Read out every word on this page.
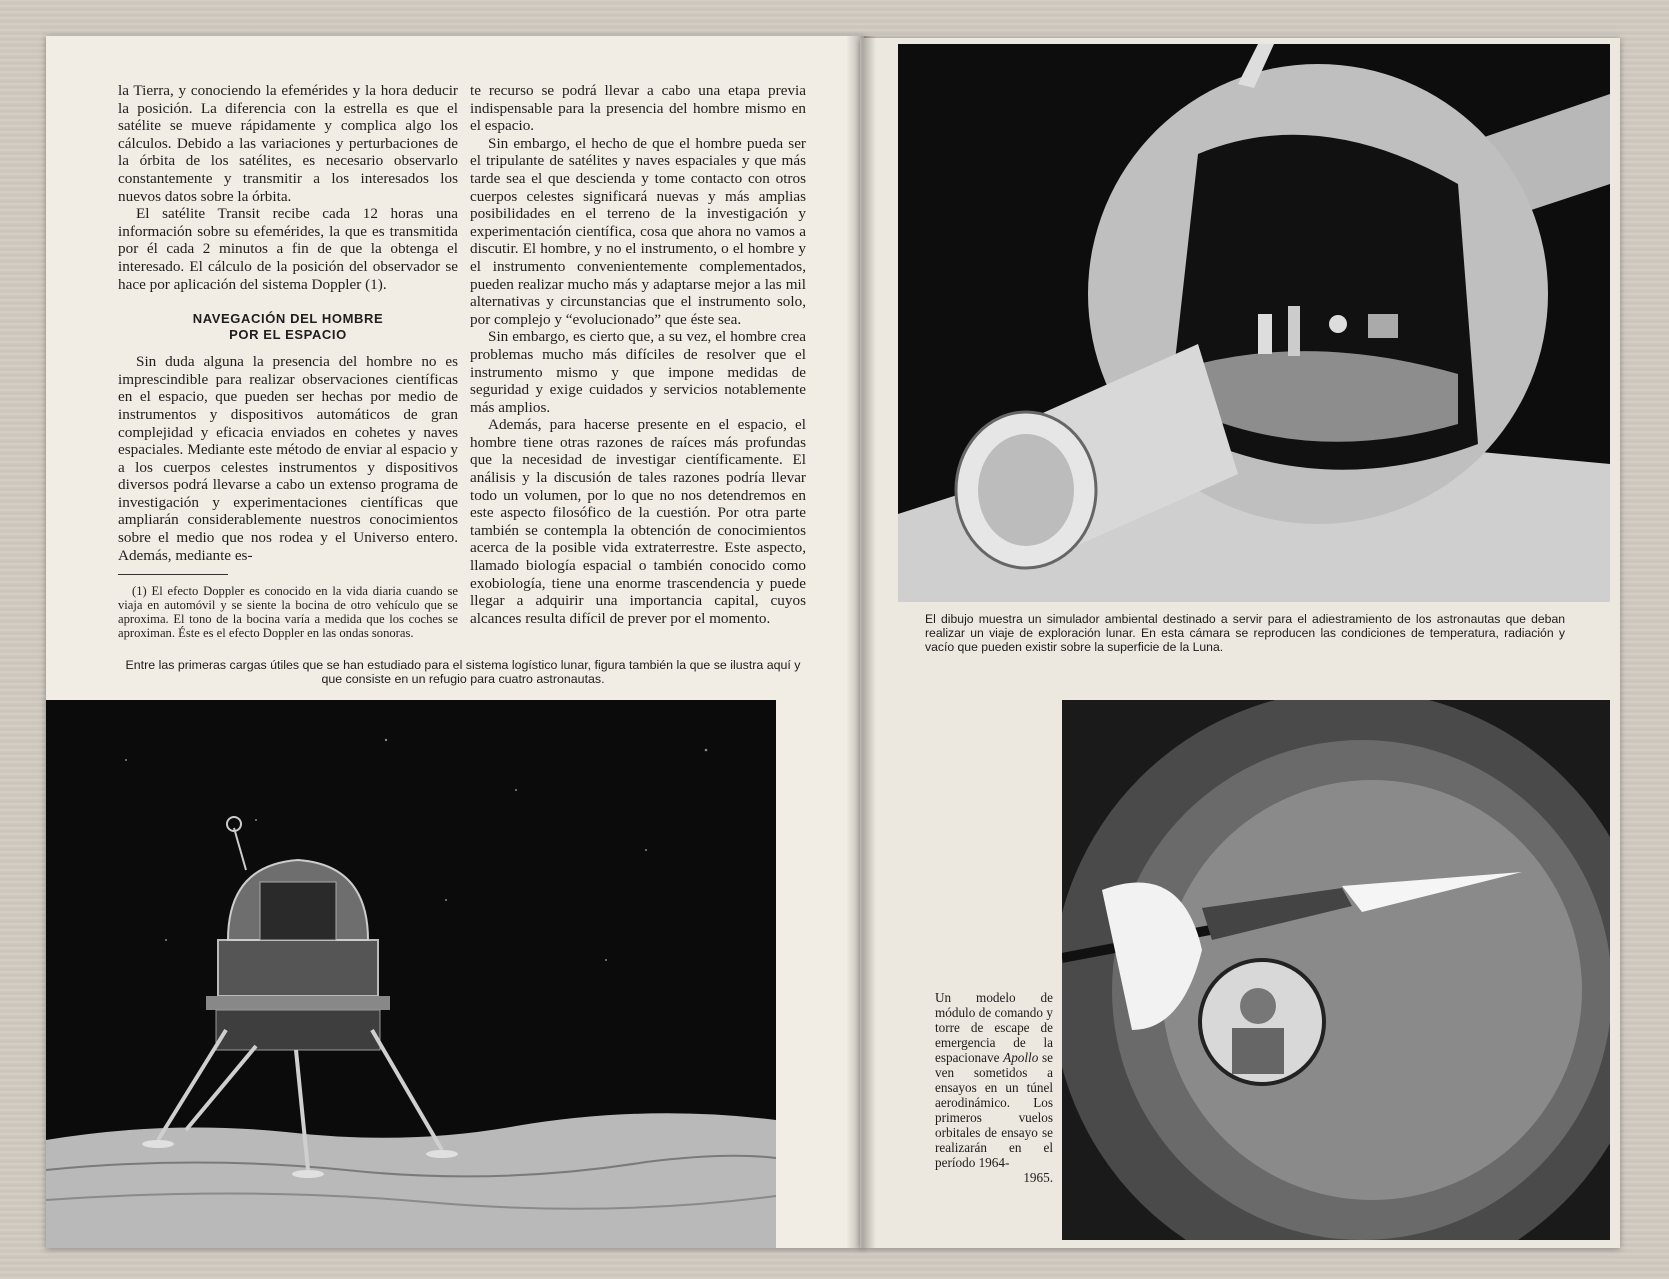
la Tierra, y conociendo la efemérides y la hora deducir la posición. La diferencia con la estrella es que el satélite se mueve rápidamente y complica algo los cálculos. Debido a las variaciones y perturbaciones de la órbita de los satélites, es necesario observarlo constantemente y transmitir a los interesados los nuevos datos sobre la órbita.

El satélite Transit recibe cada 12 horas una información sobre su efemérides, la que es transmitida por él cada 2 minutos a fin de que la obtenga el interesado. El cálculo de la posición del observador se hace por aplicación del sistema Doppler (1).

NAVEGACIÓN DEL HOMBRE
POR EL ESPACIO

Sin duda alguna la presencia del hombre no es imprescindible para realizar observaciones científicas en el espacio, que pueden ser hechas por medio de instrumentos y dispositivos automáticos de gran complejidad y eficacia enviados en cohetes y naves espaciales. Mediante este método de enviar al espacio y a los cuerpos celestes instrumentos y dispositivos diversos podrá llevarse a cabo un extenso programa de investigación y experimentaciones científicas que ampliarán considerablemente nuestros conocimientos sobre el medio que nos rodea y el Universo entero. Además, mediante es-

(1) El efecto Doppler es conocido en la vida diaria cuando se viaja en automóvil y se siente la bocina de otro vehículo que se aproxima. El tono de la bocina varía a medida que los coches se aproximan. Éste es el efecto Doppler en las ondas sonoras.

te recurso se podrá llevar a cabo una etapa previa indispensable para la presencia del hombre mismo en el espacio.

Sin embargo, el hecho de que el hombre pueda ser el tripulante de satélites y naves espaciales y que más tarde sea el que descienda y tome contacto con otros cuerpos celestes significará nuevas y más amplias posibilidades en el terreno de la investigación y experimentación científica, cosa que ahora no vamos a discutir. El hombre, y no el instrumento, o el hombre y el instrumento convenientemente complementados, pueden realizar mucho más y adaptarse mejor a las mil alternativas y circunstancias que el instrumento solo, por complejo y “evolucionado” que éste sea.

Sin embargo, es cierto que, a su vez, el hombre crea problemas mucho más difíciles de resolver que el instrumento mismo y que impone medidas de seguridad y exige cuidados y servicios notablemente más amplios.

Además, para hacerse presente en el espacio, el hombre tiene otras razones de raíces más profundas que la necesidad de investigar científicamente. El análisis y la discusión de tales razones podría llevar todo un volumen, por lo que no nos detendremos en este aspecto filosófico de la cuestión. Por otra parte también se contempla la obtención de conocimientos acerca de la posible vida extraterrestre. Este aspecto, llamado biología espacial o también conocido como exobiología, tiene una enorme trascendencia y puede llegar a adquirir una importancia capital, cuyos alcances resulta difícil de prever por el momento.

Entre las primeras cargas útiles que se han estudiado para el sistema logístico lunar, figura también la que se ilustra aquí y que consiste en un refugio para cuatro astronautas.
El dibujo muestra un simulador ambiental destinado a servir para el adiestramiento de los astronautas que deban realizar un viaje de exploración lunar. En esta cámara se reproducen las condiciones de temperatura, radiación y vacío que pueden existir sobre la superficie de la Luna.
Un modelo de módulo de comando y torre de escape de emergencia de la espacionave Apollo se ven sometidos a ensayos en un túnel aerodinámico. Los primeros vuelos orbitales de ensayo se realizarán en el período 1964-
1965.
